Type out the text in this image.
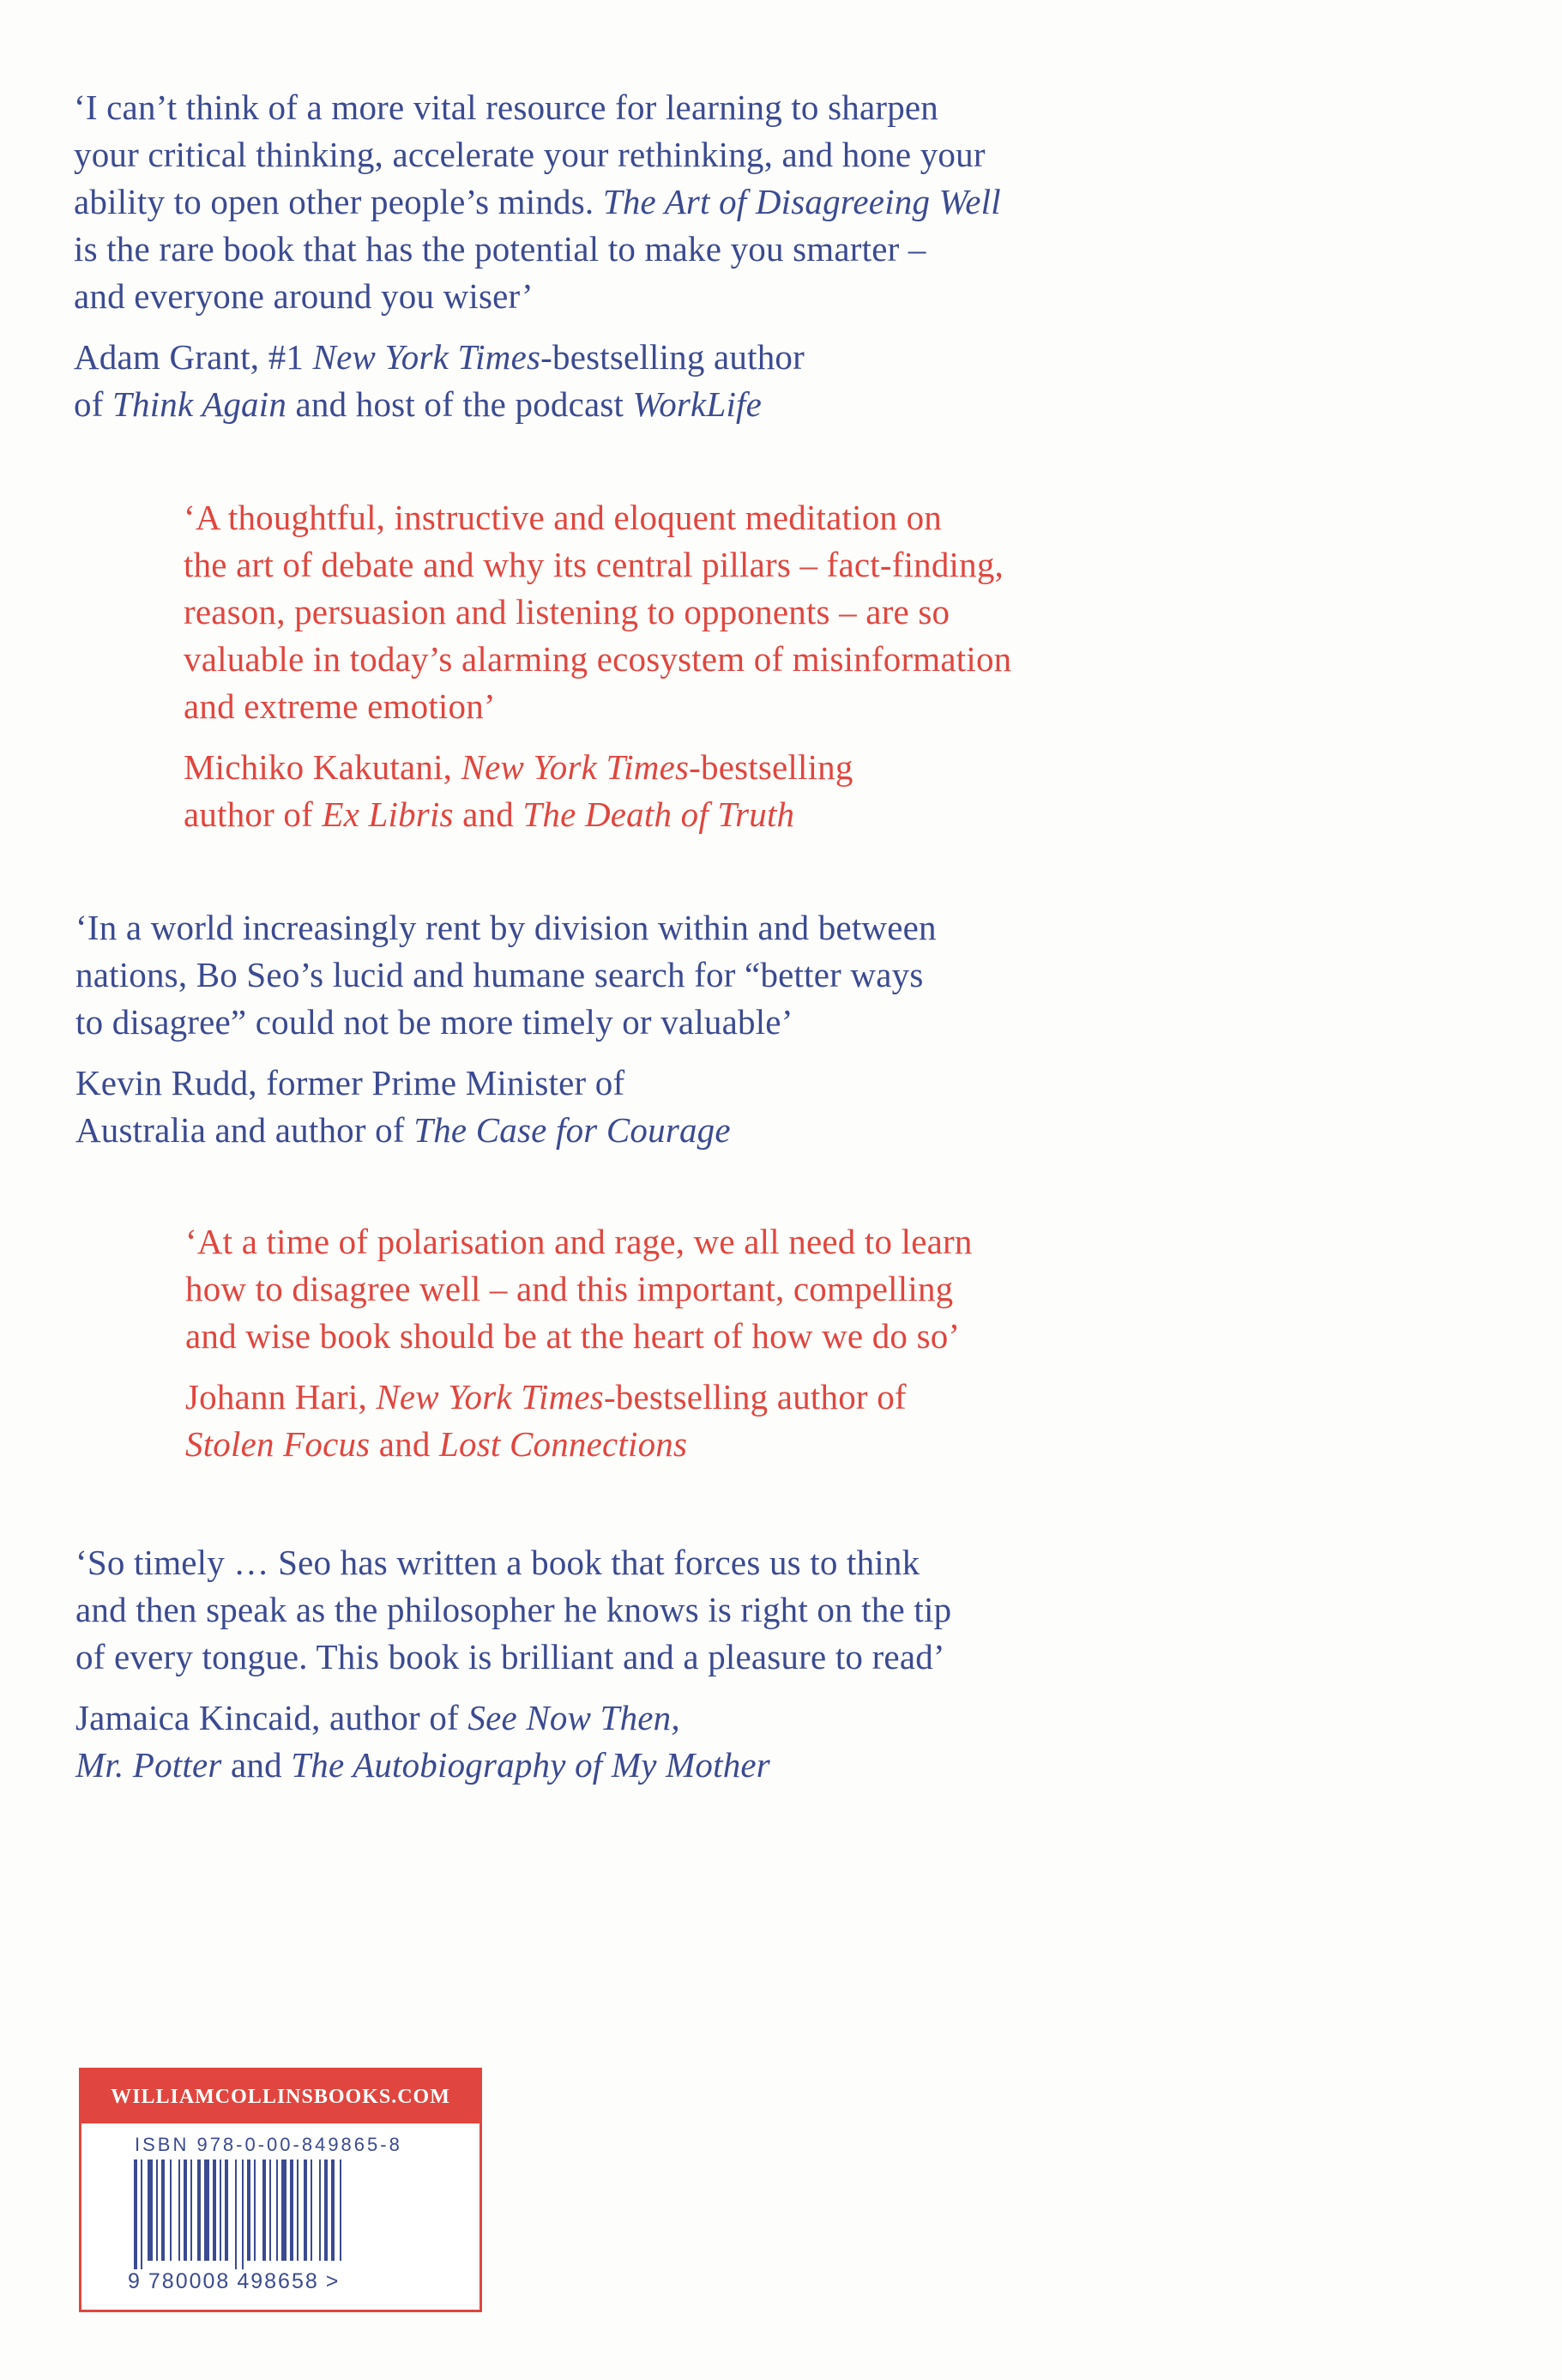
‘I can’t think of a more vital resource for learning to sharpen
your critical thinking, accelerate your rethinking, and hone your
ability to open other people’s minds. The Art of Disagreeing Well
is the rare book that has the potential to make you smarter –
and everyone around you wiser’

Adam Grant, #1 New York Times-bestselling author
of Think Again and host of the podcast WorkLife

‘A thoughtful, instructive and eloquent meditation on
the art of debate and why its central pillars – fact-finding,
reason, persuasion and listening to opponents – are so
valuable in today’s alarming ecosystem of misinformation
and extreme emotion’

Michiko Kakutani, New York Times-bestselling
author of Ex Libris and The Death of Truth

‘In a world increasingly rent by division within and between
nations, Bo Seo’s lucid and humane search for “better ways
to disagree” could not be more timely or valuable’

Kevin Rudd, former Prime Minister of
Australia and author of The Case for Courage

‘At a time of polarisation and rage, we all need to learn
how to disagree well – and this important, compelling
and wise book should be at the heart of how we do so’

Johann Hari, New York Times-bestselling author of
Stolen Focus and Lost Connections

‘So timely … Seo has written a book that forces us to think
and then speak as the philosopher he knows is right on the tip
of every tongue. This book is brilliant and a pleasure to read’

Jamaica Kincaid, author of See Now Then,
Mr. Potter and The Autobiography of My Mother

WILLIAMCOLLINSBOOKS.COM
ISBN 978-0-00-849865-8
9 780008 498658 >
